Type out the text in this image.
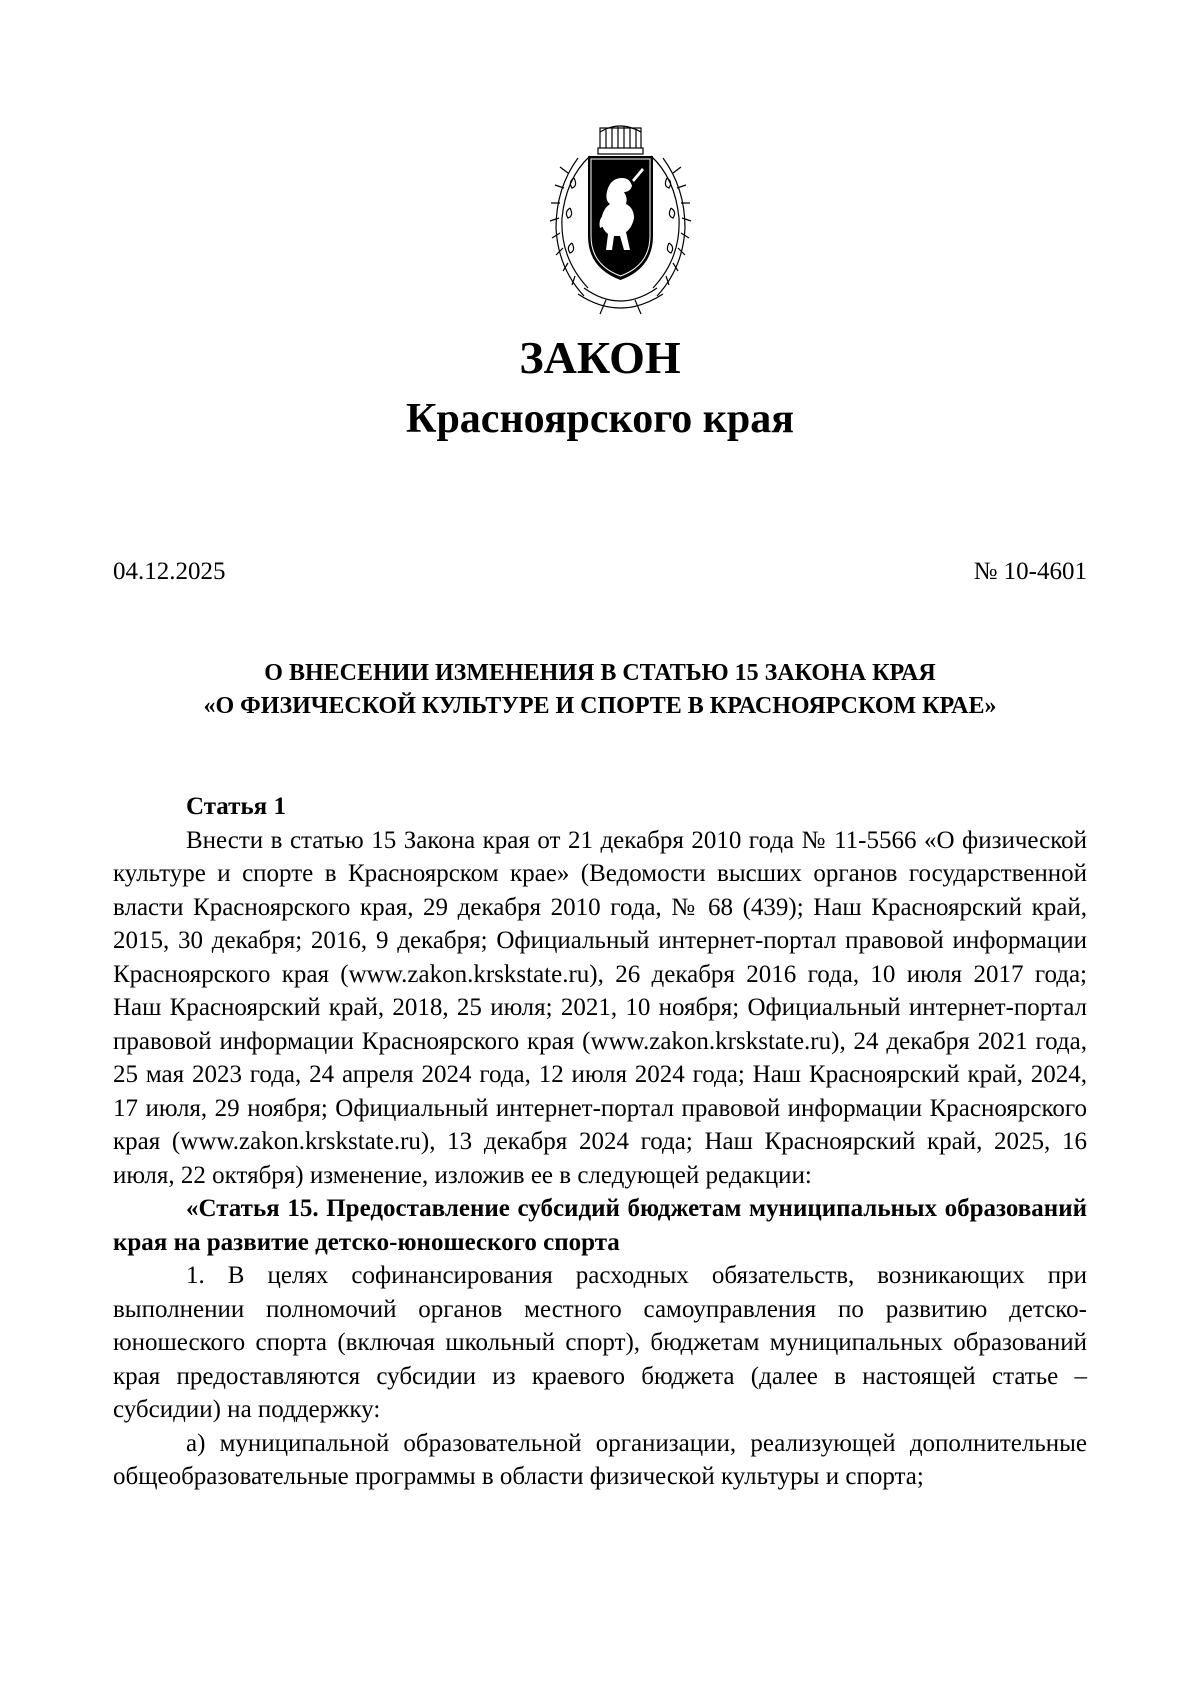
ЗАКОН
Красноярского края
04.12.2025	№ 10-4601
О ВНЕСЕНИИ ИЗМЕНЕНИЯ В СТАТЬЮ 15 ЗАКОНА КРАЯ
«О ФИЗИЧЕСКОЙ КУЛЬТУРЕ И СПОРТЕ В КРАСНОЯРСКОМ КРАЕ»

Статья 1

Внести в статью 15 Закона края от 21 декабря 2010 года № 11-5566 «О физической культуре и спорте в Красноярском крае» (Ведомости высших органов государственной власти Красноярского края, 29 декабря 2010 года, № 68 (439); Наш Красноярский край, 2015, 30 декабря; 2016, 9 декабря; Официальный интернет-портал правовой информации Красноярского края (www.zakon.krskstate.ru), 26 декабря 2016 года, 10 июля 2017 года; Наш Красноярский край, 2018, 25 июля; 2021, 10 ноября; Официальный интернет-портал правовой информации Красноярского края (www.zakon.krskstate.ru), 24 декабря 2021 года, 25 мая 2023 года, 24 апреля 2024 года, 12 июля 2024 года; Наш Красноярский край, 2024, 17 июля, 29 ноября; Официальный интернет-портал правовой информации Красноярского края (www.zakon.krskstate.ru), 13 декабря 2024 года; Наш Красноярский край, 2025, 16 июля, 22 октября) изменение, изложив ее в следующей редакции:

«Статья 15. Предоставление субсидий бюджетам муниципальных образований края на развитие детско-юношеского спорта

1. В целях софинансирования расходных обязательств, возникающих при выполнении полномочий органов местного самоуправления по развитию детско-юношеского спорта (включая школьный спорт), бюджетам муниципальных образований края предоставляются субсидии из краевого бюджета (далее в настоящей статье – субсидии) на поддержку:

а) муниципальной образовательной организации, реализующей дополнительные общеобразовательные программы в области физической культуры и спорта;
